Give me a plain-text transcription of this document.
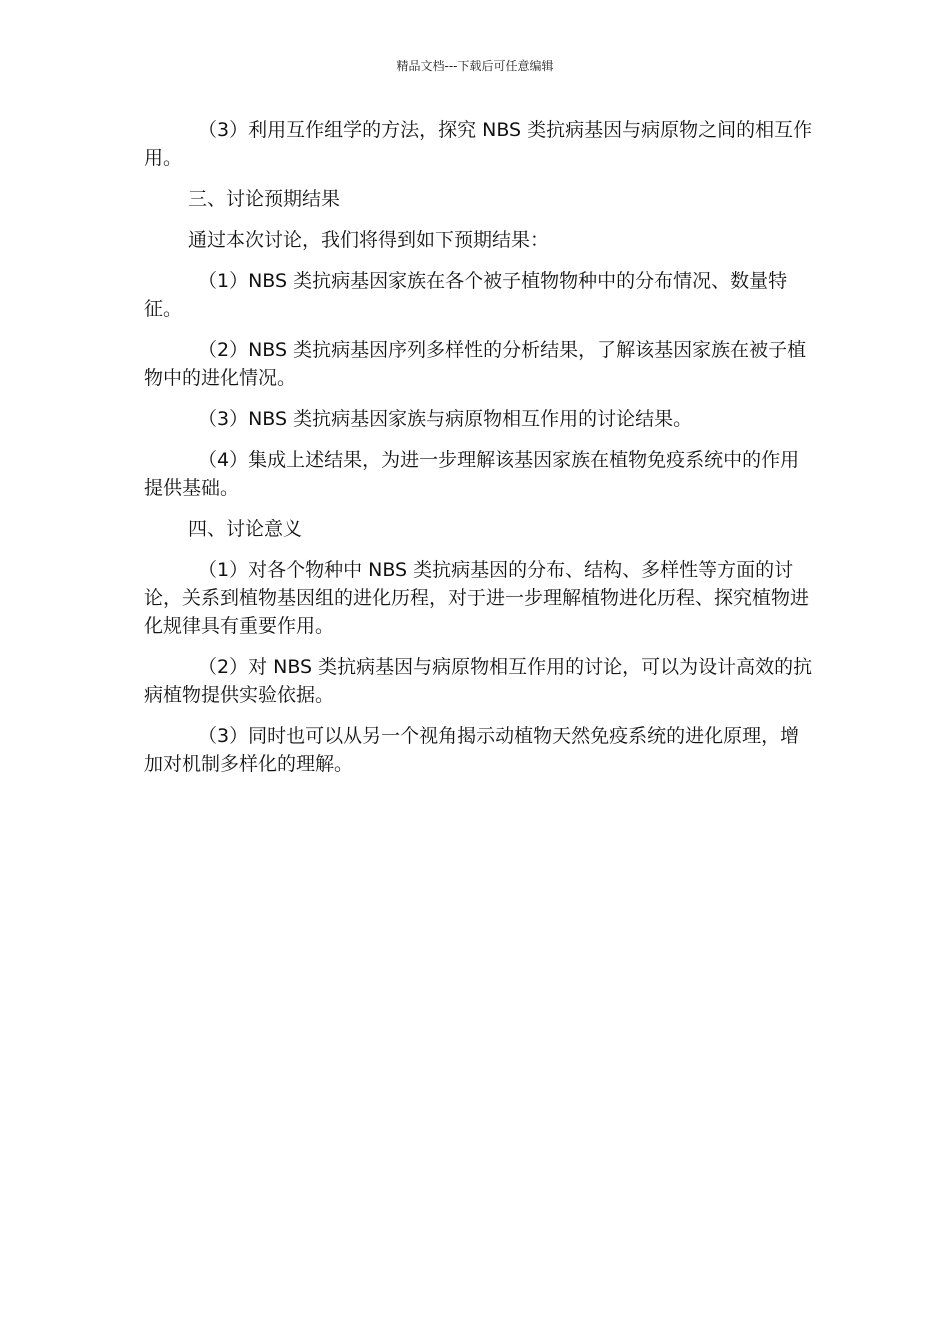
精品文档---下载后可任意编辑

（3）利用互作组学的方法，探究 NBS 类抗病基因与病原物之间的相互作用。

三、讨论预期结果

通过本次讨论，我们将得到如下预期结果：

（1）NBS 类抗病基因家族在各个被子植物物种中的分布情况、数量特征。

（2）NBS 类抗病基因序列多样性的分析结果，了解该基因家族在被子植物中的进化情况。

（3）NBS 类抗病基因家族与病原物相互作用的讨论结果。

（4）集成上述结果，为进一步理解该基因家族在植物免疫系统中的作用提供基础。

四、讨论意义

（1）对各个物种中 NBS 类抗病基因的分布、结构、多样性等方面的讨论，关系到植物基因组的进化历程，对于进一步理解植物进化历程、探究植物进化规律具有重要作用。

（2）对 NBS 类抗病基因与病原物相互作用的讨论，可以为设计高效的抗病植物提供实验依据。

（3）同时也可以从另一个视角揭示动植物天然免疫系统的进化原理，增加对机制多样化的理解。
